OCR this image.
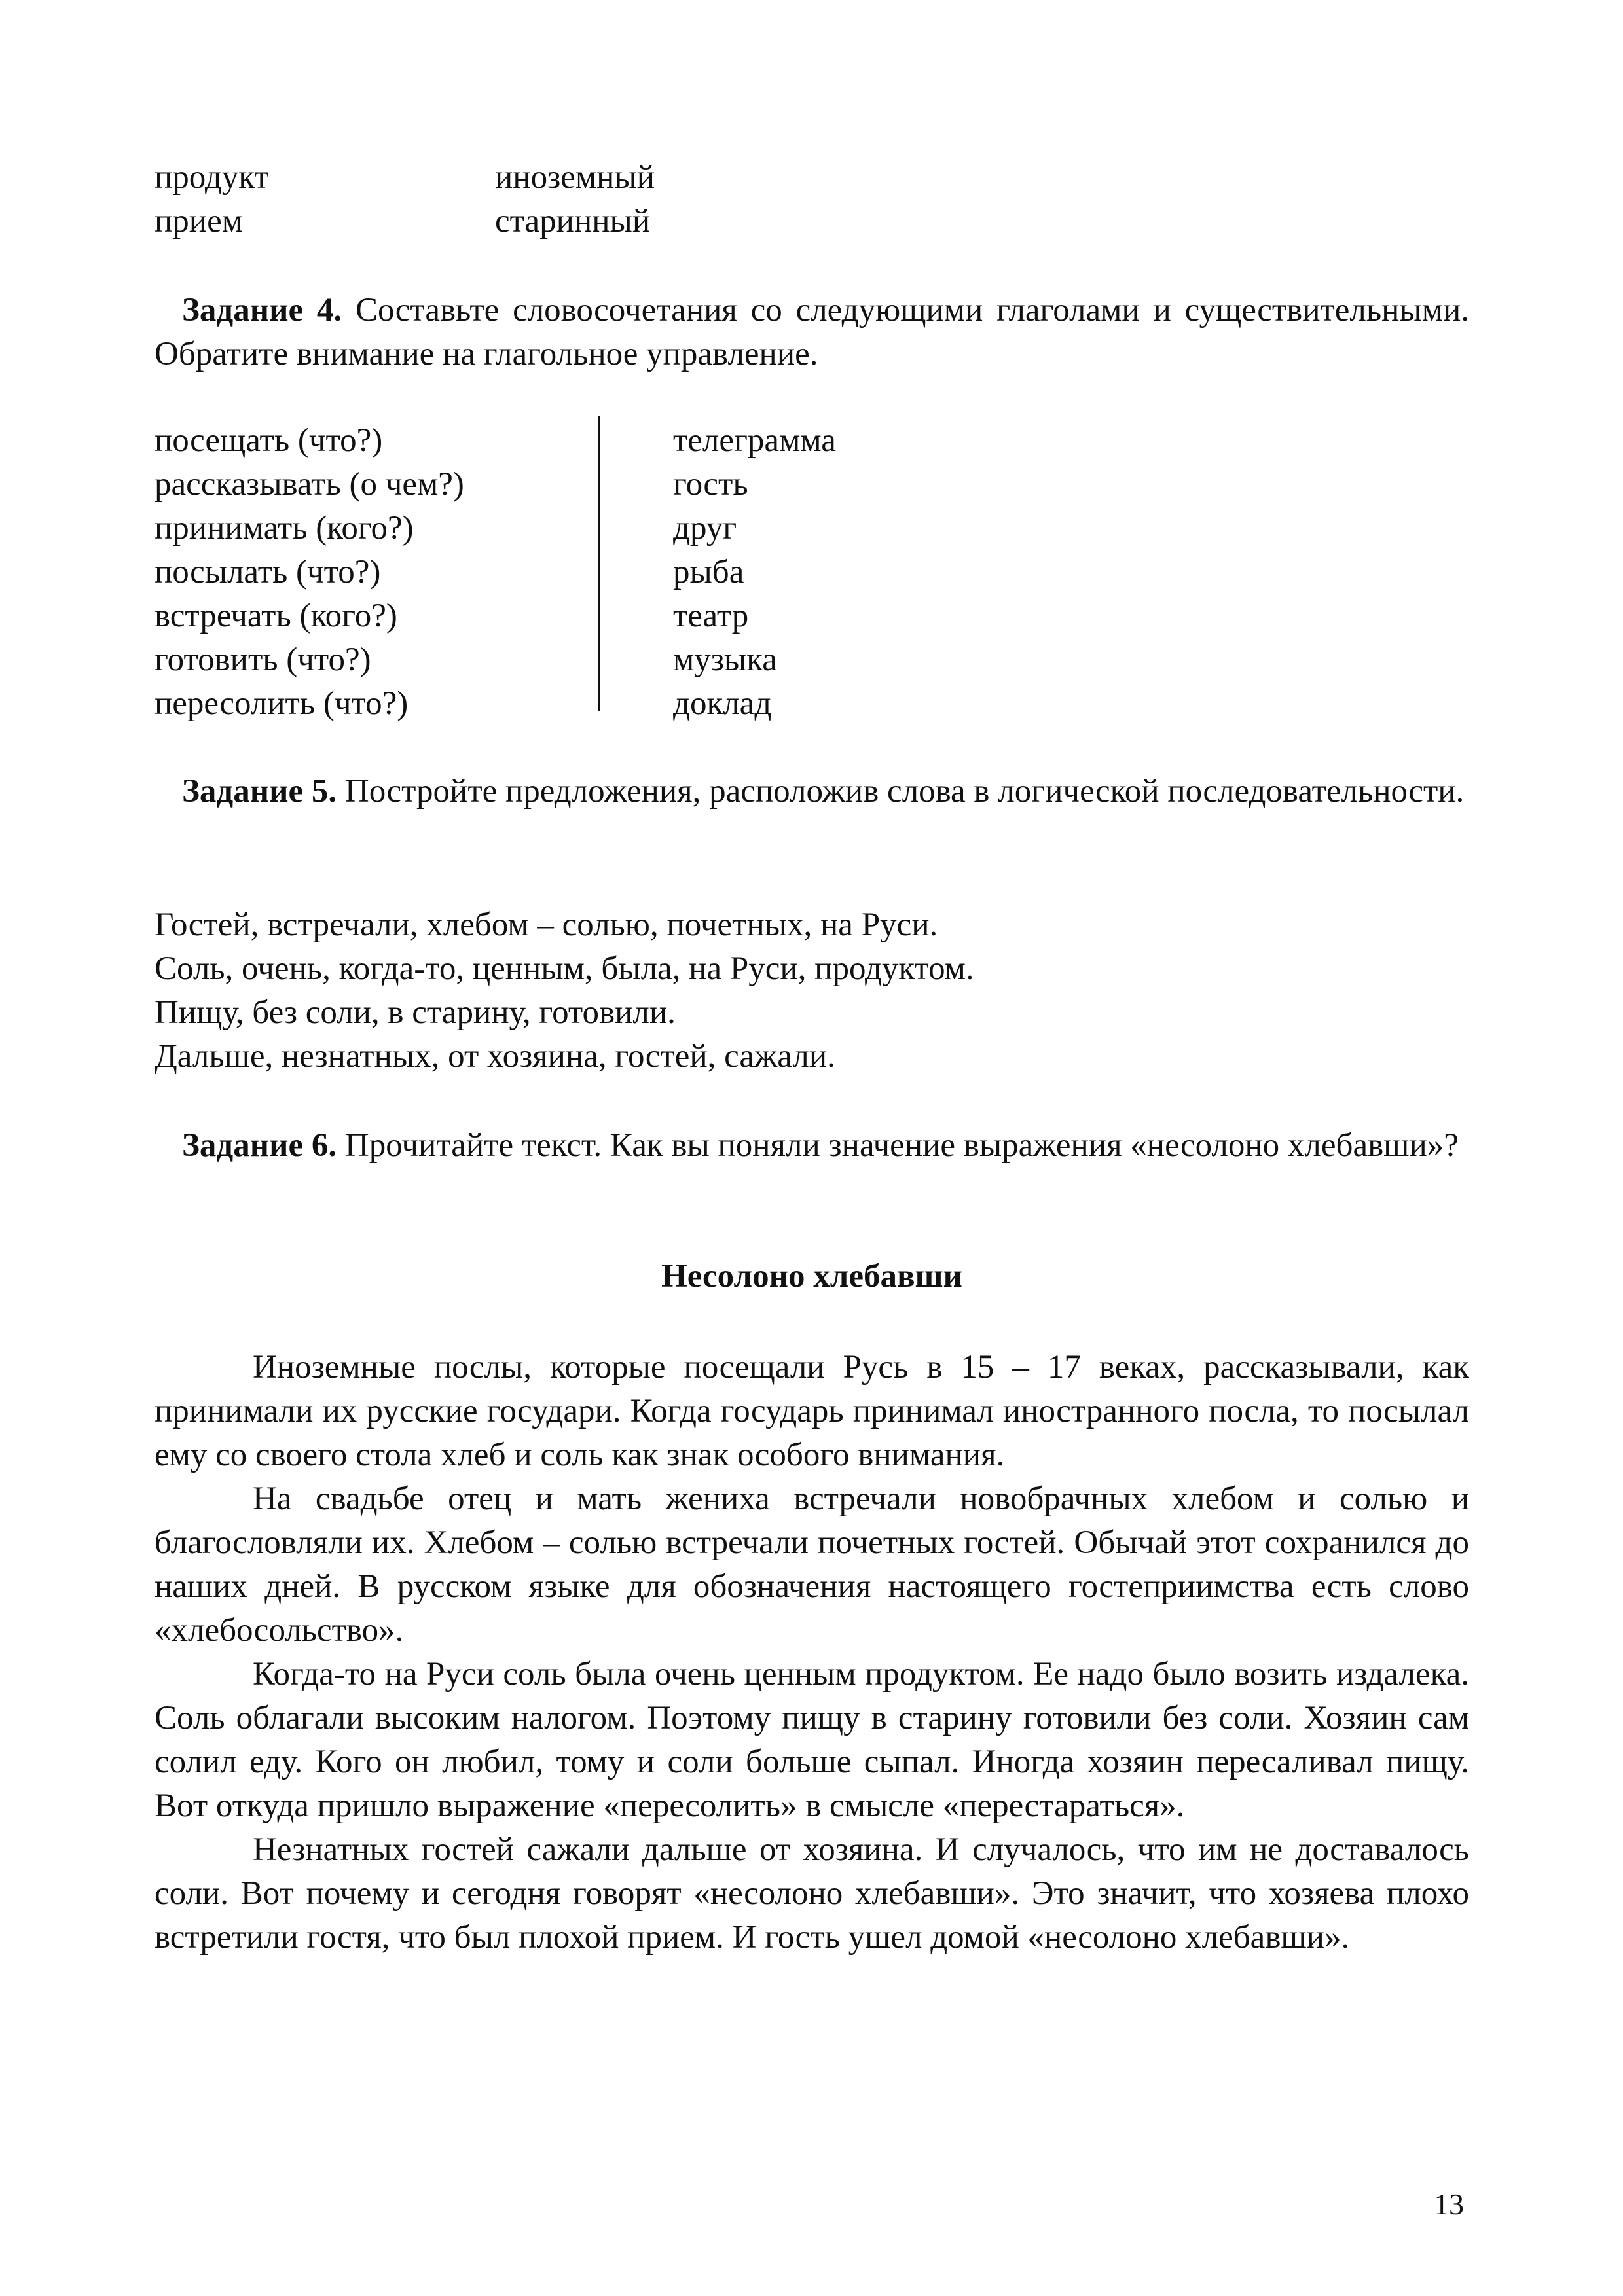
продукт	иноземный
прием	старинный

Задание 4. Составьте словосочетания со следующими глаголами и существительными. Обратите внимание на глагольное управление.

посещать (что?)
рассказывать (о чем?)
принимать (кого?)
посылать (что?)
встречать (кого?)
готовить (что?)
пересолить (что?)
телеграмма
гость
друг
рыба
театр
музыка
доклад

Задание 5. Постройте предложения, расположив слова в логической последовательности.

Гостей, встречали, хлебом – солью, почетных, на Руси.
Соль, очень, когда-то, ценным, была, на Руси, продуктом.
Пищу, без соли, в старину, готовили.
Дальше, незнатных, от хозяина, гостей, сажали.

Задание 6. Прочитайте текст. Как вы поняли значение выражения «несолоно хлебавши»?

Несолоно хлебавши

Иноземные послы, которые посещали Русь в 15 – 17 веках, рассказывали, как принимали их русские государи. Когда государь принимал иностранного посла, то посылал ему со своего стола хлеб и соль как знак особого внимания.

На свадьбе отец и мать жениха встречали новобрачных хлебом и солью и благословляли их. Хлебом – солью встречали почетных гостей. Обычай этот сохранился до наших дней. В русском языке для обозначения настоящего гостеприимства есть слово «хлебосольство».

Когда-то на Руси соль была очень ценным продуктом. Ее надо было возить издалека. Соль облагали высоким налогом. Поэтому пищу в старину готовили без соли. Хозяин сам солил еду. Кого он любил, тому и соли больше сыпал. Иногда хозяин пересаливал пищу. Вот откуда пришло выражение «пересолить» в смысле «перестараться».

Незнатных гостей сажали дальше от хозяина. И случалось, что им не доставалось соли. Вот почему и сегодня говорят «несолоно хлебавши». Это значит, что хозяева плохо встретили гостя, что был плохой прием. И гость ушел домой «несолоно хлебавши».

13
